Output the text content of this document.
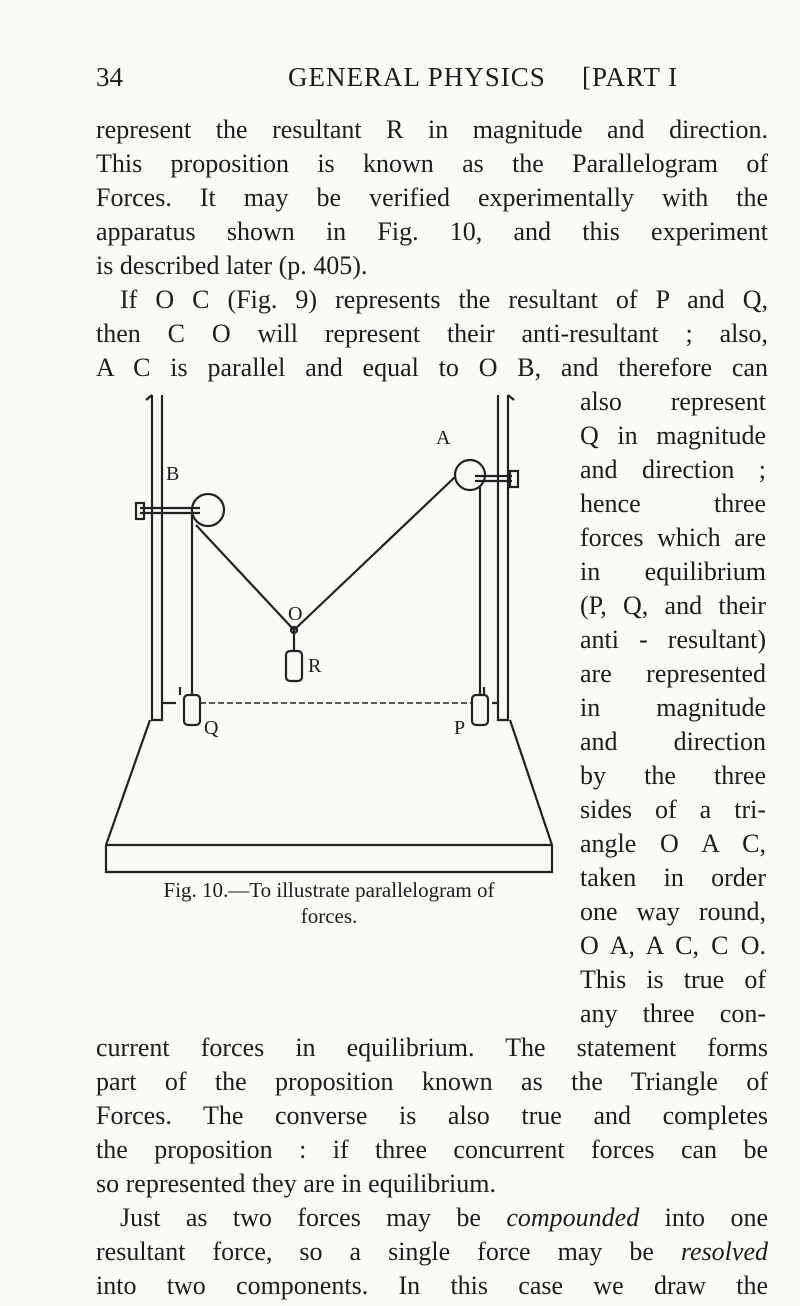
34	GENERAL PHYSICS [PART I
represent the resultant R in magnitude and direction.
This proposition is known as the Parallelogram of
Forces. It may be verified experimentally with the
apparatus shown in Fig. 10, and this experiment
is described later (p. 405).
If O C (Fig. 9) represents the resultant of P and Q,
then C O will represent their anti-resultant ; also,
A C is parallel and equal to O B, and therefore can
also represent
Q in magnitude
and direction ;
hence three
forces which are
in equilibrium
(P, Q, and their
anti - resultant)
are represented
in magnitude
and direction
by the three
sides of a tri-
angle O A C,
taken in order
one way round,
O A, A C, C O.
This is true of
any three con-
current forces in equilibrium. The statement forms
part of the proposition known as the Triangle of
Forces. The converse is also true and completes
the proposition : if three concurrent forces can be
so represented they are in equilibrium.
Just as two forces may be compounded into one
resultant force, so a single force may be resolved
into two components. In this case we draw the
B
A
O
R
Q	P
Fig. 10.—To illustrate parallelogram of
forces.
